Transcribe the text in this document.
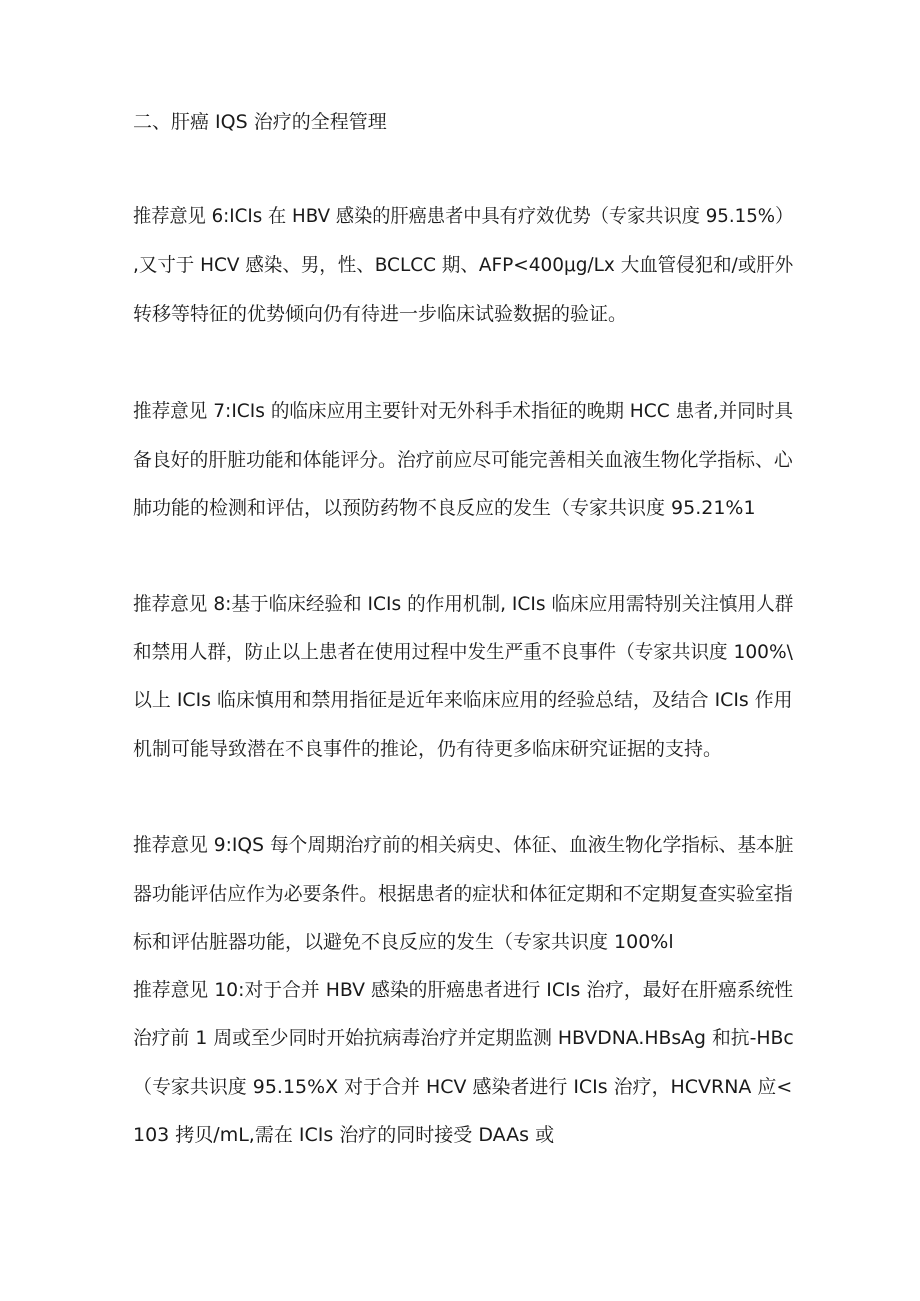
二、肝癌 IQS 治疗的全程管理
推荐意见 6:ICIs 在 HBV 感染的肝癌患者中具有疗效优势（专家共识度 95.15%）
,又寸于 HCV 感染、男，性、BCLCC 期、AFP<400μg∕Lx 大血管侵犯和/或肝外
转移等特征的优势倾向仍有待进一步临床试验数据的验证。
推荐意见 7:ICIs 的临床应用主要针对无外科手术指征的晚期 HCC 患者,并同时具
备良好的肝脏功能和体能评分。治疗前应尽可能完善相关血液生物化学指标、心
肺功能的检测和评估，以预防药物不良反应的发生（专家共识度 95.21%1
推荐意见 8:基于临床经验和 ICIs 的作用机制, ICIs 临床应用需特别关注慎用人群
和禁用人群，防止以上患者在使用过程中发生严重不良事件（专家共识度 100%\
以上 ICIs 临床慎用和禁用指征是近年来临床应用的经验总结，及结合 ICIs 作用
机制可能导致潜在不良事件的推论，仍有待更多临床研究证据的支持。
推荐意见 9:IQS 每个周期治疗前的相关病史、体征、血液生物化学指标、基本脏
器功能评估应作为必要条件。根据患者的症状和体征定期和不定期复查实验室指
标和评估脏器功能，以避免不良反应的发生（专家共识度 100%l
推荐意见 10:对于合并 HBV 感染的肝癌患者进行 ICIs 治疗，最好在肝癌系统性
治疗前 1 周或至少同时开始抗病毒治疗并定期监测 HBVDNA.HBsAg 和抗-HBc
（专家共识度 95.15%X 对于合并 HCV 感染者进行 ICIs 治疗，HCVRNA 应<
103 拷贝∕mL,需在 ICIs 治疗的同时接受 DAAs 或
